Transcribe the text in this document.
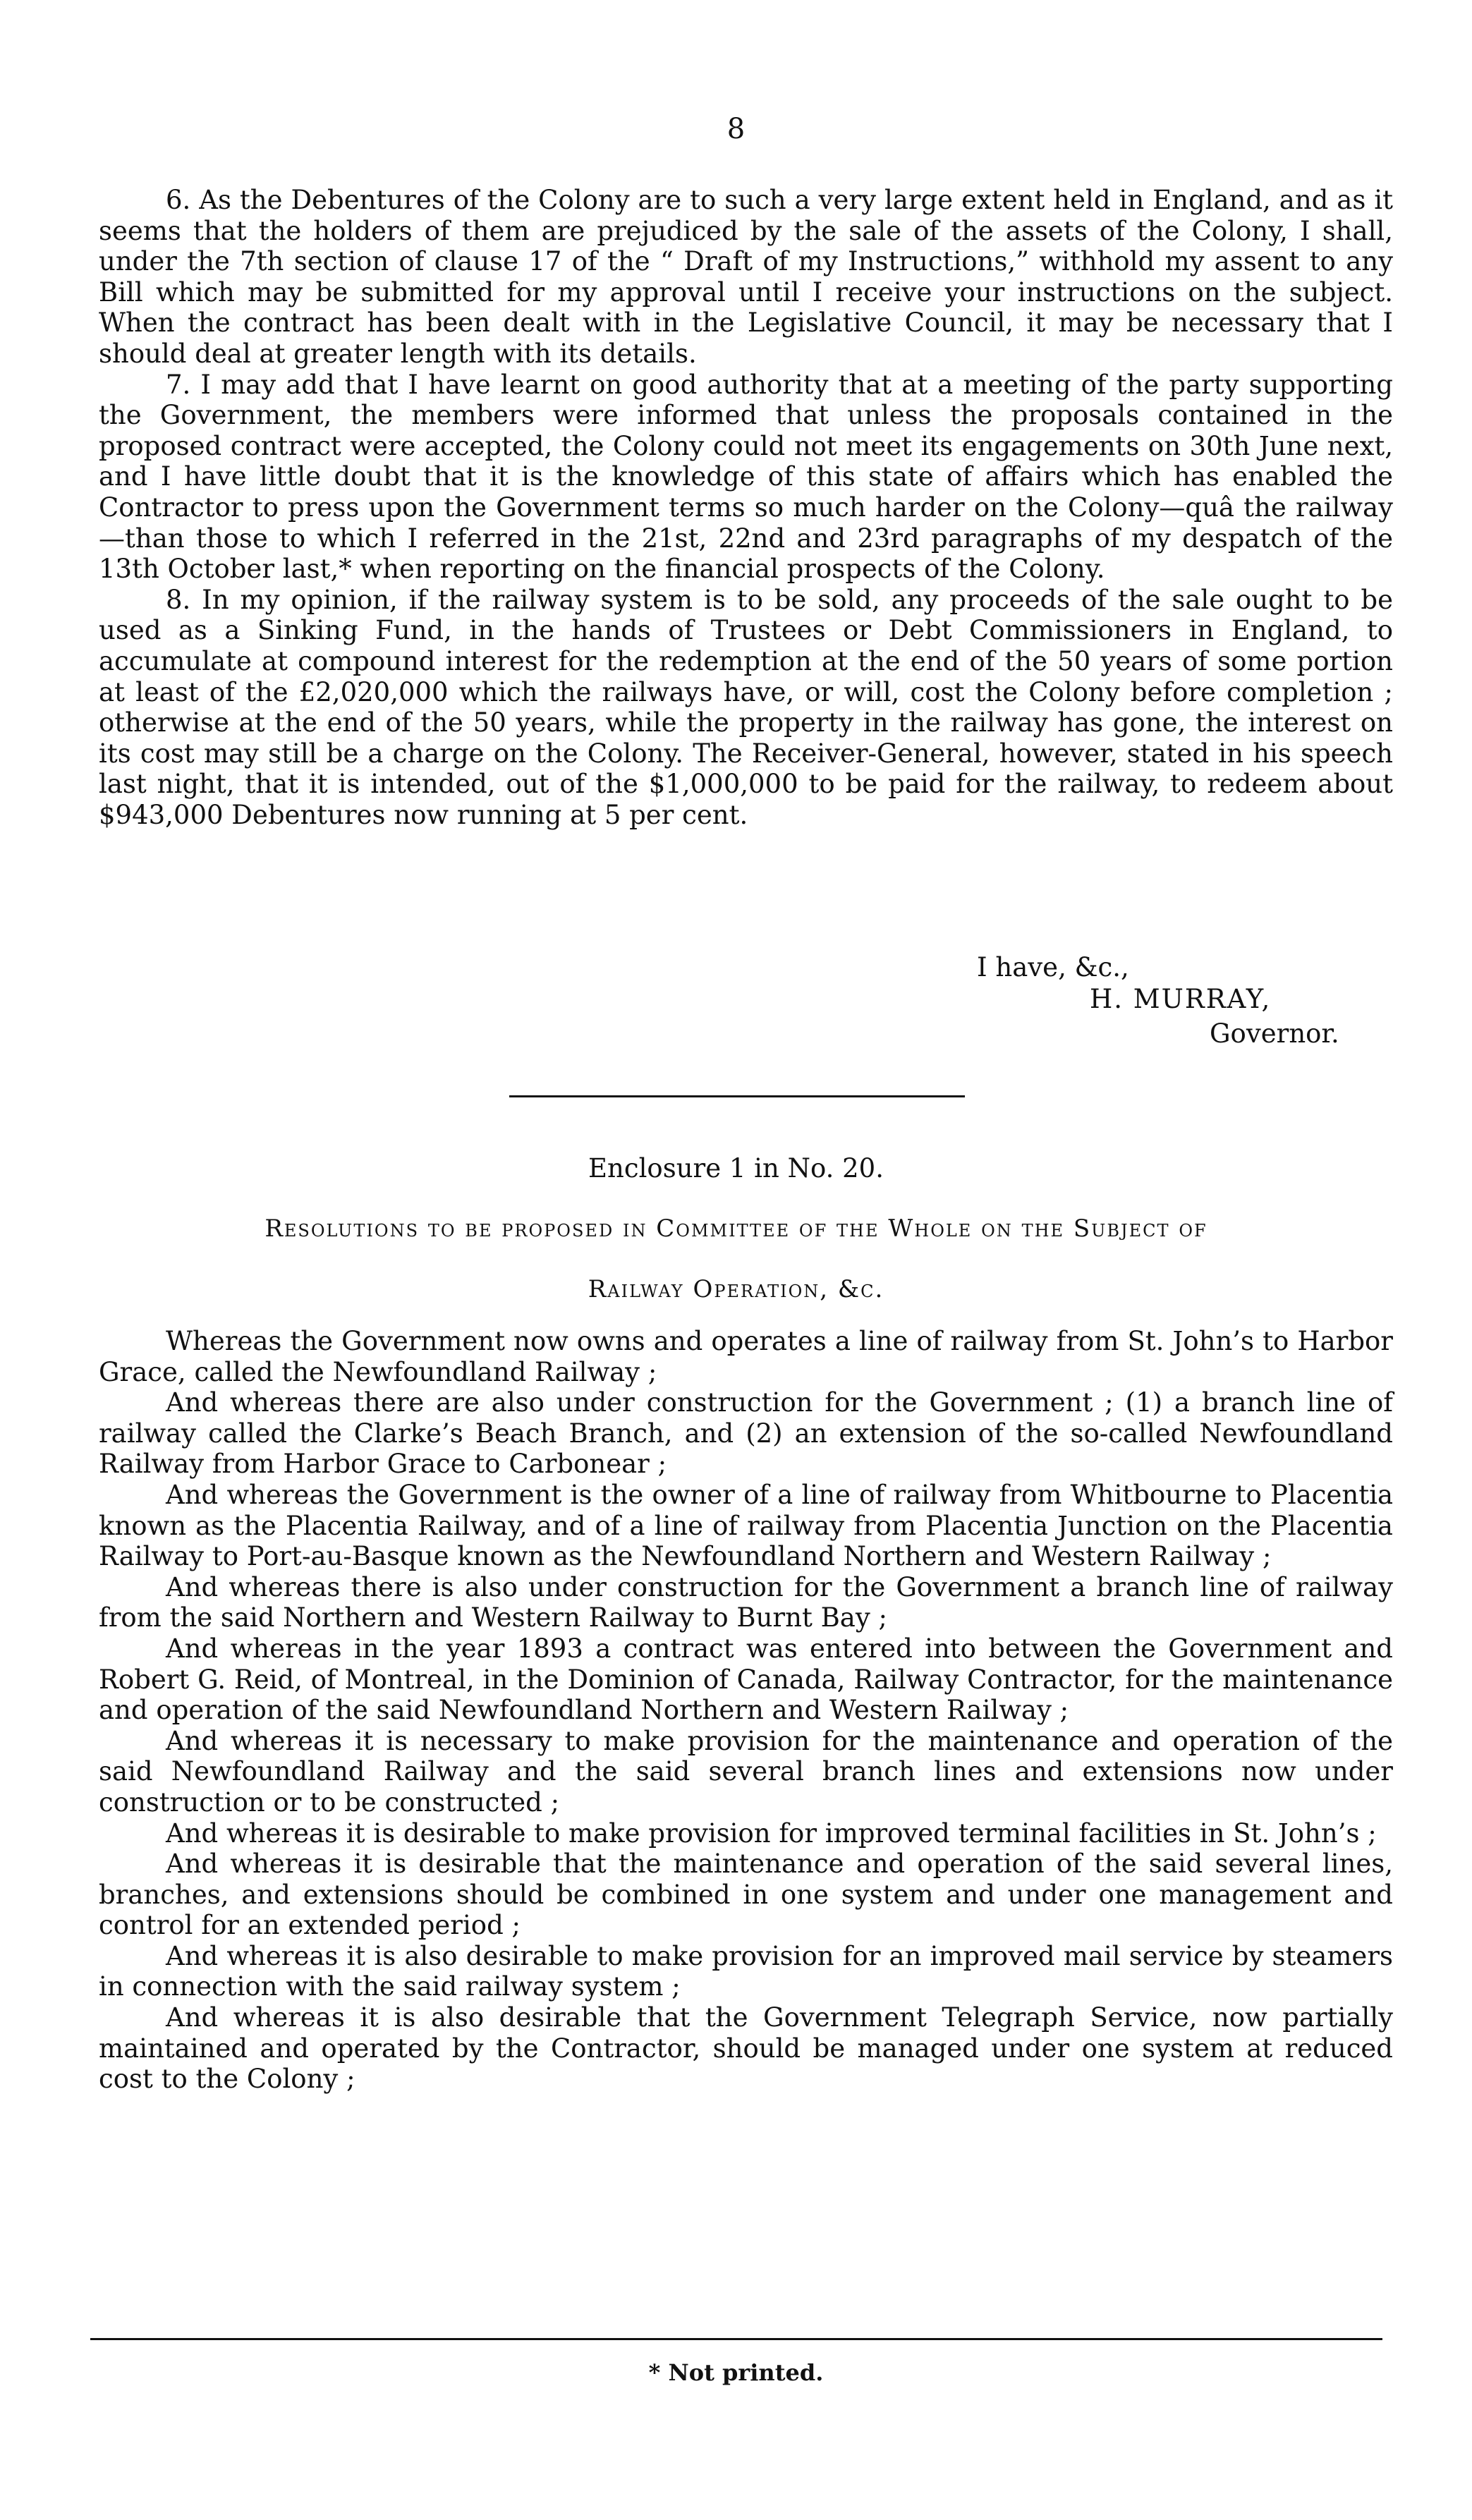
8

6. As the Debentures of the Colony are to such a very large extent held in England, and as it seems that the holders of them are prejudiced by the sale of the assets of the Colony, I shall, under the 7th section of clause 17 of the “ Draft of my Instructions,” withhold my assent to any Bill which may be submitted for my approval until I receive your instructions on the subject. When the contract has been dealt with in the Legislative Council, it may be necessary that I should deal at greater length with its details.

7. I may add that I have learnt on good authority that at a meeting of the party supporting the Government, the members were informed that unless the proposals contained in the proposed contract were accepted, the Colony could not meet its engagements on 30th June next, and I have little doubt that it is the knowledge of this state of affairs which has enabled the Contractor to press upon the Government terms so much harder on the Colony—quâ the railway—than those to which I referred in the 21st, 22nd and 23rd paragraphs of my despatch of the 13th October last,* when reporting on the financial prospects of the Colony.

8. In my opinion, if the railway system is to be sold, any proceeds of the sale ought to be used as a Sinking Fund, in the hands of Trustees or Debt Commissioners in England, to accumulate at compound interest for the redemption at the end of the 50 years of some portion at least of the £2,020,000 which the railways have, or will, cost the Colony before completion ; otherwise at the end of the 50 years, while the property in the railway has gone, the interest on its cost may still be a charge on the Colony. The Receiver-General, however, stated in his speech last night, that it is intended, out of the $1,000,000 to be paid for the railway, to redeem about $943,000 Debentures now running at 5 per cent.

I have, &c.,
H. MURRAY,
Governor.
Enclosure 1 in No. 20.
Resolutions to be proposed in Committee of the Whole on the Subject of
Railway Operation, &c.

Whereas the Government now owns and operates a line of railway from St. John’s to Harbor Grace, called the Newfoundland Railway ;

And whereas there are also under construction for the Government ; (1) a branch line of railway called the Clarke’s Beach Branch, and (2) an extension of the so-called Newfoundland Railway from Harbor Grace to Carbonear ;

And whereas the Government is the owner of a line of railway from Whitbourne to Placentia known as the Placentia Railway, and of a line of railway from Placentia Junction on the Placentia Railway to Port-au-Basque known as the Newfoundland Northern and Western Railway ;

And whereas there is also under construction for the Government a branch line of railway from the said Northern and Western Railway to Burnt Bay ;

And whereas in the year 1893 a contract was entered into between the Government and Robert G. Reid, of Montreal, in the Dominion of Canada, Railway Contractor, for the maintenance and operation of the said Newfoundland Northern and Western Railway ;

And whereas it is necessary to make provision for the maintenance and operation of the said Newfoundland Railway and the said several branch lines and extensions now under construction or to be constructed ;

And whereas it is desirable to make provision for improved terminal facilities in St. John’s ;

And whereas it is desirable that the maintenance and operation of the said several lines, branches, and extensions should be combined in one system and under one management and control for an extended period ;

And whereas it is also desirable to make provision for an improved mail service by steamers in connection with the said railway system ;

And whereas it is also desirable that the Government Telegraph Service, now partially maintained and operated by the Contractor, should be managed under one system at reduced cost to the Colony ;

* Not printed.
